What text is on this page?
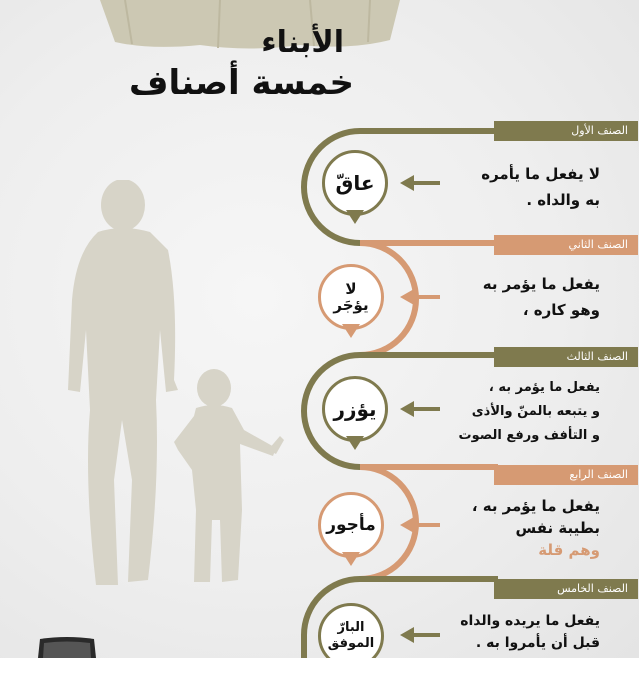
الأبناء
خمسة أصناف
الصنف الأول
عاقّ	لا يفعل ما يأمره
به والداه .
الصنف الثاني
لا
يؤجَر
يفعل ما يؤمر به
وهو كاره ،
الصنف الثالث
يؤزر
يفعل ما يؤمر به ،
و يتبعه بالمنّ والأذى
و التأفف ورفع الصوت
الصنف الرابع
مأجور
يفعل ما يؤمر به ،
بطيبة نفس
وهم قلة
الصنف الخامس
البارّ
الموفق
يفعل ما يريده والداه
قبل أن يأمروا به .
